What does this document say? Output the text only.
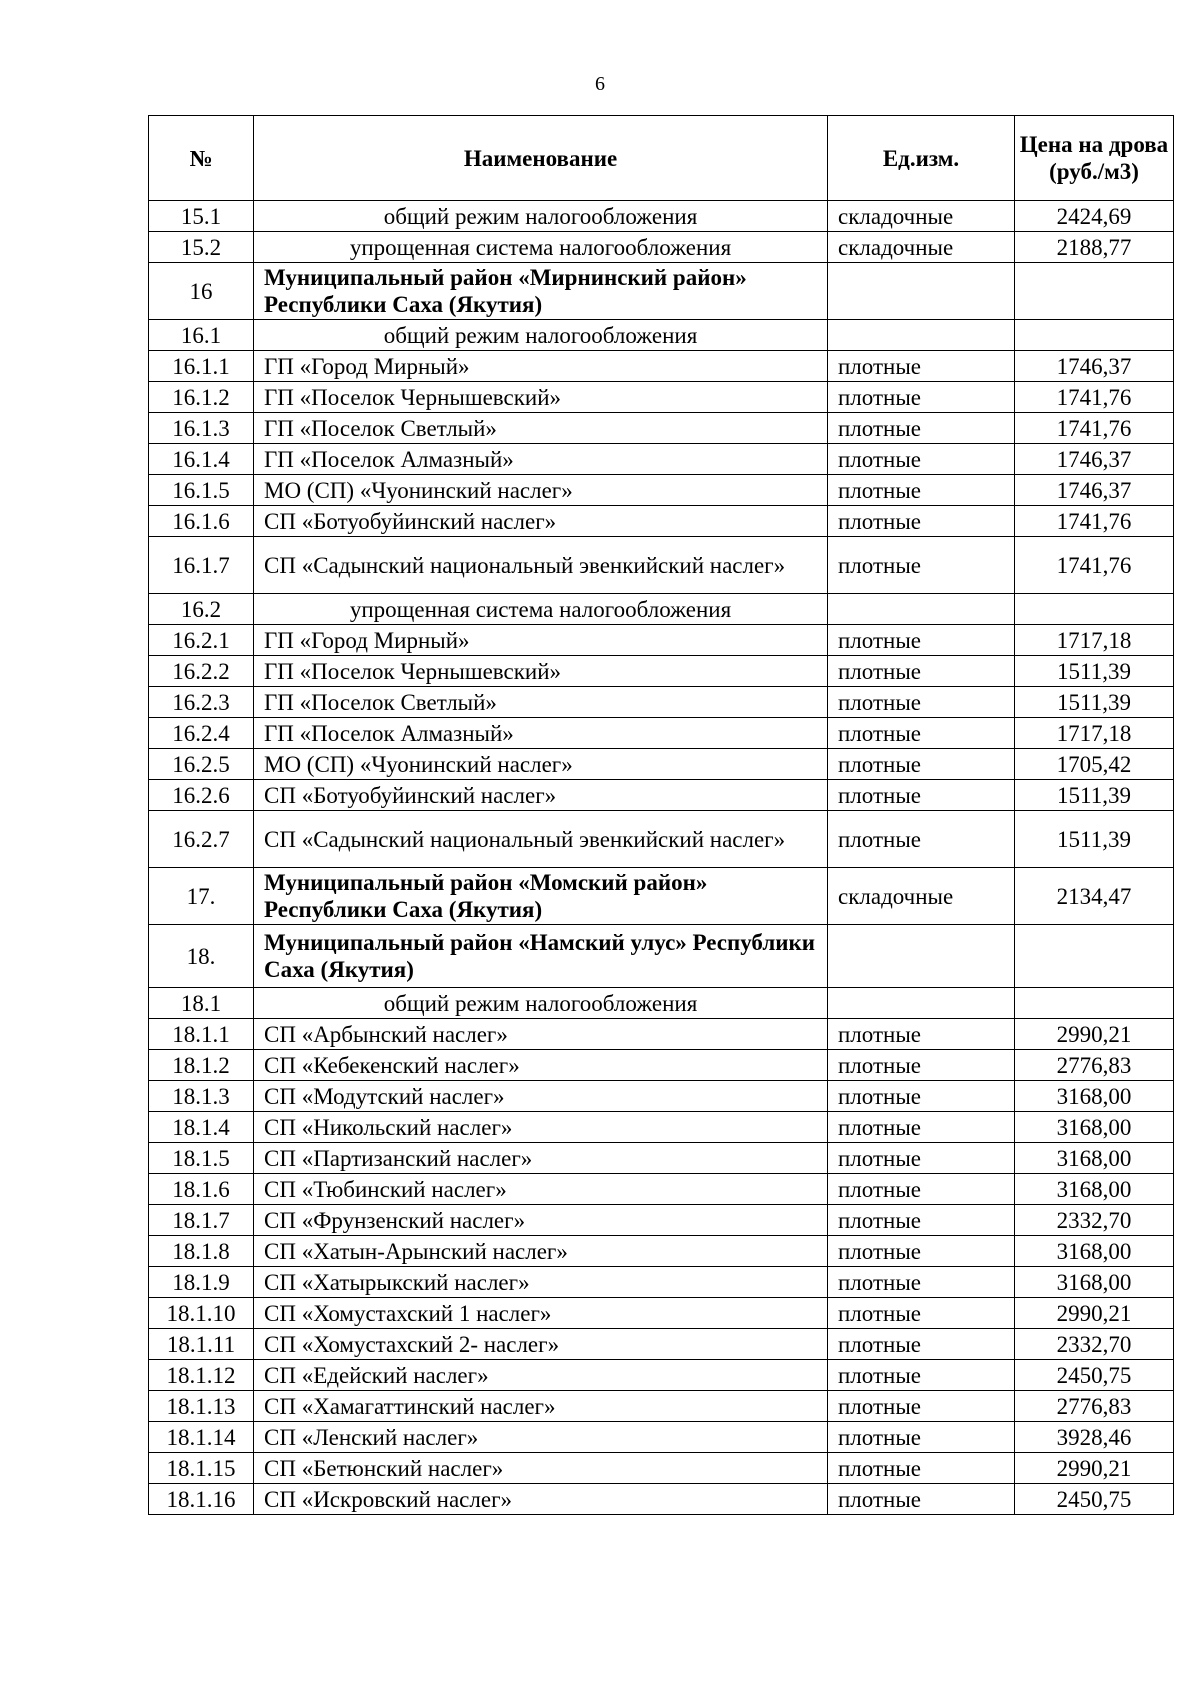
6
№	Наименование	Ед.изм.	Цена на дрова (руб./м3)
15.1	общий режим налогообложения	складочные	2424,69
15.2	упрощенная система налогообложения	складочные	2188,77
16	Муниципальный район «Мирнинский район» Республики Саха (Якутия)		
16.1	общий режим налогообложения		
16.1.1	ГП «Город Мирный»	плотные	1746,37
16.1.2	ГП «Поселок Чернышевский»	плотные	1741,76
16.1.3	ГП «Поселок Светлый»	плотные	1741,76
16.1.4	ГП «Поселок Алмазный»	плотные	1746,37
16.1.5	МО (СП) «Чуонинский наслег»	плотные	1746,37
16.1.6	СП «Ботуобуйинский наслег»	плотные	1741,76
16.1.7	СП «Садынский национальный эвенкийский наслег»	плотные	1741,76
16.2	упрощенная система налогообложения		
16.2.1	ГП «Город Мирный»	плотные	1717,18
16.2.2	ГП «Поселок Чернышевский»	плотные	1511,39
16.2.3	ГП «Поселок Светлый»	плотные	1511,39
16.2.4	ГП «Поселок Алмазный»	плотные	1717,18
16.2.5	МО (СП) «Чуонинский наслег»	плотные	1705,42
16.2.6	СП «Ботуобуйинский наслег»	плотные	1511,39
16.2.7	СП «Садынский национальный эвенкийский наслег»	плотные	1511,39
17.	Муниципальный район «Момский район» Республики Саха (Якутия)	складочные	2134,47
18.	Муниципальный район «Намский улус» Республики Саха (Якутия)		
18.1	общий режим налогообложения		
18.1.1	СП «Арбынский наслег»	плотные	2990,21
18.1.2	СП «Кебекенский наслег»	плотные	2776,83
18.1.3	СП «Модутский наслег»	плотные	3168,00
18.1.4	СП «Никольский наслег»	плотные	3168,00
18.1.5	СП «Партизанский наслег»	плотные	3168,00
18.1.6	СП «Тюбинский наслег»	плотные	3168,00
18.1.7	СП «Фрунзенский наслег»	плотные	2332,70
18.1.8	СП «Хатын-Арынский наслег»	плотные	3168,00
18.1.9	СП «Хатырыкский наслег»	плотные	3168,00
18.1.10	СП «Хомустахский 1 наслег»	плотные	2990,21
18.1.11	СП «Хомустахский 2- наслег»	плотные	2332,70
18.1.12	СП «Едейский наслег»	плотные	2450,75
18.1.13	СП «Хамагаттинский наслег»	плотные	2776,83
18.1.14	СП «Ленский наслег»	плотные	3928,46
18.1.15	СП «Бетюнский наслег»	плотные	2990,21
18.1.16	СП «Искровский наслег»	плотные	2450,75
